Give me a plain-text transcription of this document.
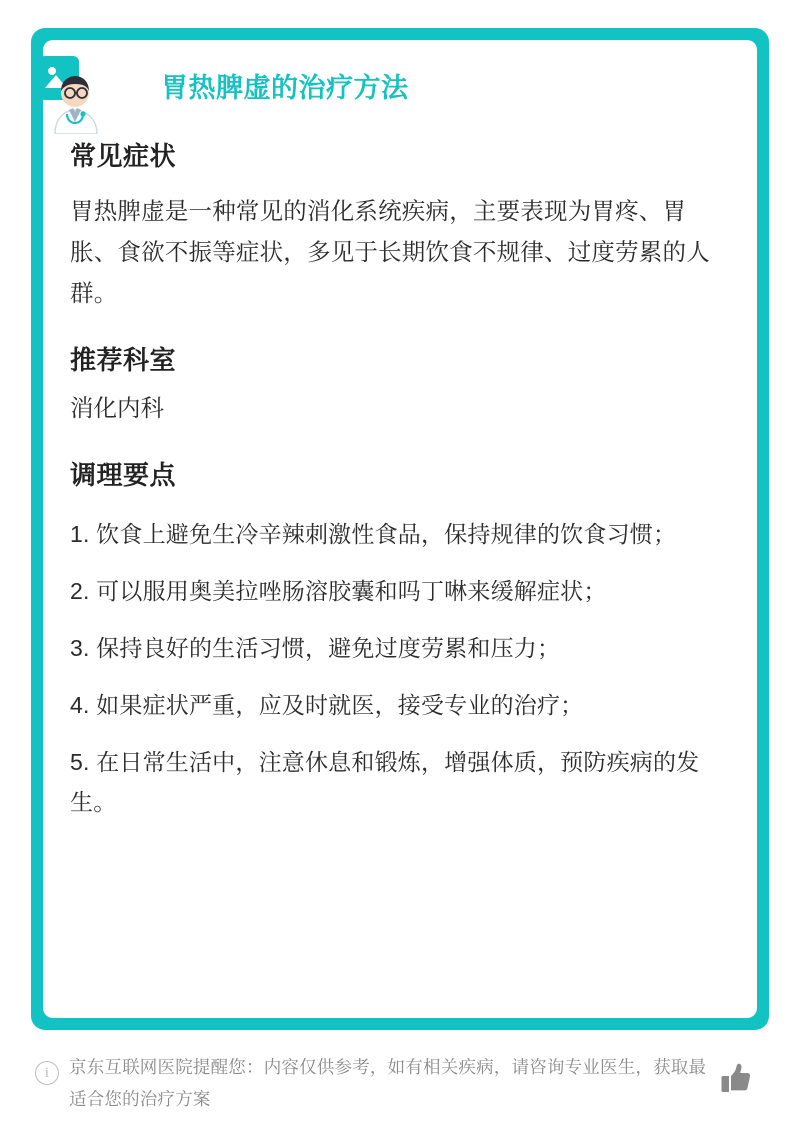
胃热脾虚的治疗方法
常见症状

胃热脾虚是一种常见的消化系统疾病，主要表现为胃疼、胃胀、食欲不振等症状，多见于长期饮食不规律、过度劳累的人群。

推荐科室

消化内科

调理要点
1. 饮食上避免生冷辛辣刺激性食品，保持规律的饮食习惯；
2. 可以服用奥美拉唑肠溶胶囊和吗丁啉来缓解症状；
3. 保持良好的生活习惯，避免过度劳累和压力；
4. 如果症状严重，应及时就医，接受专业的治疗；
5. 在日常生活中，注意休息和锻炼，增强体质，预防疾病的发生。
i	京东互联网医院提醒您：内容仅供参考，如有相关疾病，请咨询专业医生，获取最适合您的治疗方案
